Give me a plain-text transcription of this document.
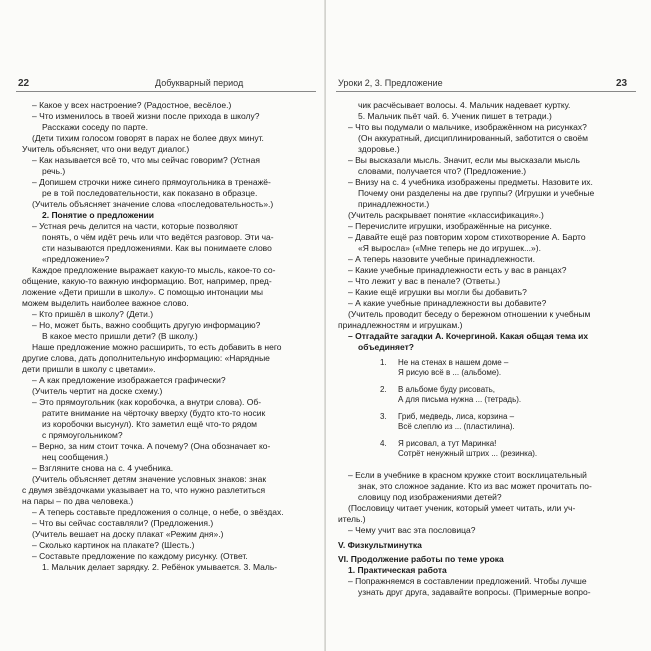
22	Добукварный период
– Какое у всех настроение? (Радостное, весёлое.)
– Что изменилось в твоей жизни после прихода в школу?
Расскажи соседу по парте.
(Дети тихим голосом говорят в парах не более двух минут.
Учитель объясняет, что они ведут диалог.)
– Как называется всё то, что мы сейчас говорим? (Устная
речь.)
– Допишем строчки ниже синего прямоугольника в тренажё-
ре в той последовательности, как показано в образце.
(Учитель объясняет значение слова «последовательность».)
2. Понятие о предложении
– Устная речь делится на части, которые позволяют
понять, о чём идёт речь или что ведётся разговор. Эти ча-
сти называются предложениями. Как вы понимаете слово
«предложение»?
Каждое предложение выражает какую-то мысль, какое-то со-
общение, какую-то важную информацию. Вот, например, пред-
ложение «Дети пришли в школу». С помощью интонации мы
можем выделить наиболее важное слово.
– Кто пришёл в школу? (Дети.)
– Но, может быть, важно сообщить другую информацию?
В какое место пришли дети? (В школу.)
Наше предложение можно расширить, то есть добавить в него
другие слова, дать дополнительную информацию: «Нарядные
дети пришли в школу с цветами».
– А как предложение изображается графически?
(Учитель чертит на доске схему.)
– Это прямоугольник (как коробочка, а внутри слова). Об-
ратите внимание на чёрточку вверху (будто кто-то носик
из коробочки высунул). Кто заметил ещё что-то рядом
с прямоугольником?
– Верно, за ним стоит точка. А почему? (Она обозначает ко-
нец сообщения.)
– Взгляните снова на с. 4 учебника.
(Учитель объясняет детям значение условных знаков: знак
с двумя звёздочками указывает на то, что нужно разлетиться
на пары – по два человека.)
– А теперь составьте предложения о солнце, о небе, о звёздах.
– Что вы сейчас составляли? (Предложения.)
(Учитель вешает на доску плакат «Режим дня».)
– Сколько картинок на плакате? (Шесть.)
– Составьте предложение по каждому рисунку. (Ответ.
1. Мальчик делает зарядку. 2. Ребёнок умывается. 3. Маль-
Уроки 2, 3. Предложение	23
чик расчёсывает волосы. 4. Мальчик надевает куртку.
5. Мальчик пьёт чай. 6. Ученик пишет в тетради.)
– Что вы подумали о мальчике, изображённом на рисунках?
(Он аккуратный, дисциплинированный, заботится о своём
здоровье.)
– Вы высказали мысль. Значит, если мы высказали мысль
словами, получается что? (Предложение.)
– Внизу на с. 4 учебника изображены предметы. Назовите их.
Почему они разделены на две группы? (Игрушки и учебные
принадлежности.)
(Учитель раскрывает понятие «классификация».)
– Перечислите игрушки, изображённые на рисунке.
– Давайте ещё раз повторим хором стихотворение А. Барто
«Я выросла» («Мне теперь не до игрушек...»).
– А теперь назовите учебные принадлежности.
– Какие учебные принадлежности есть у вас в ранцах?
– Что лежит у вас в пенале? (Ответы.)
– Какие ещё игрушки вы могли бы добавить?
– А какие учебные принадлежности вы добавите?
(Учитель проводит беседу о бережном отношении к учебным
принадлежностям и игрушкам.)
– Отгадайте загадки А. Кочергиной. Какая общая тема их
объединяет?
1. Не на стенах в нашем доме –
Я рисую всё в ... (альбоме).
2. В альбоме буду рисовать,
А для письма нужна ... (тетрадь).
3. Гриб, медведь, лиса, корзина –
Всё слеплю из ... (пластилина).
4. Я рисовал, а тут Маринка!
Сотрёт ненужный штрих ... (резинка).
– Если в учебнике в красном кружке стоит восклицательный
знак, это сложное задание. Кто из вас может прочитать по-
словицу под изображениями детей?
(Пословицу читает ученик, который умеет читать, или уч-
итель.)
– Чему учит вас эта пословица?
V. Физкультминутка
VI. Продолжение работы по теме урока
1. Практическая работа
– Попражняемся в составлении предложений. Чтобы лучше
узнать друг друга, задавайте вопросы. (Примерные вопро-
